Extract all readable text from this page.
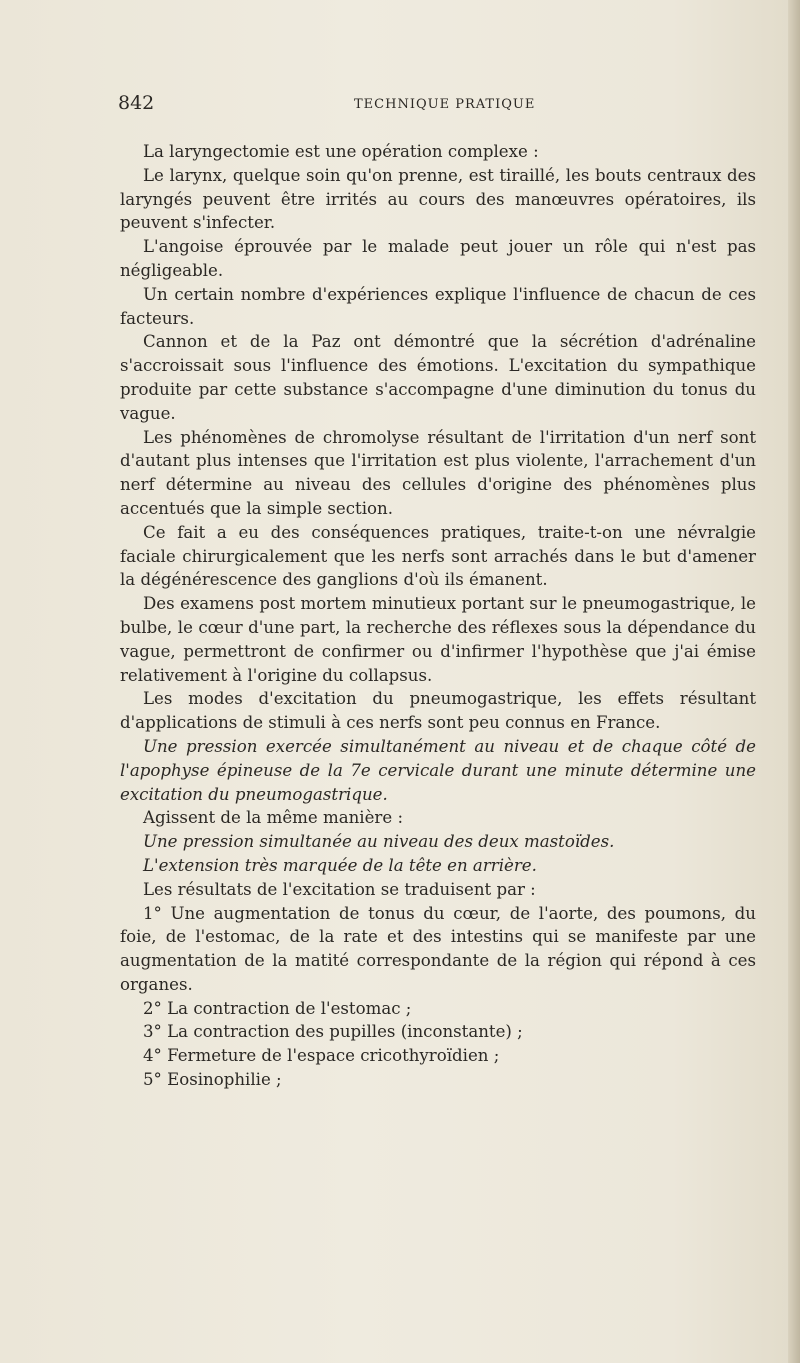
842	TECHNIQUE PRATIQUE

La laryngectomie est une opération complexe :

Le larynx, quelque soin qu'on prenne, est tiraillé, les bouts centraux des laryngés peuvent être irrités au cours des manœuvres opératoires, ils peuvent s'infecter.

L'angoise éprouvée par le malade peut jouer un rôle qui n'est pas négligeable.

Un certain nombre d'expériences explique l'influence de chacun de ces facteurs.

Cannon et de la Paz ont démontré que la sécrétion d'adrénaline s'accroissait sous l'influence des émotions. L'excitation du sympathique produite par cette substance s'accompagne d'une diminution du tonus du vague.

Les phénomènes de chromolyse résultant de l'irritation d'un nerf sont d'autant plus intenses que l'irritation est plus violente, l'arrachement d'un nerf détermine au niveau des cellules d'origine des phénomènes plus accentués que la simple section.

Ce fait a eu des conséquences pratiques, traite-t-on une névralgie faciale chirurgicalement que les nerfs sont arrachés dans le but d'amener la dégénérescence des ganglions d'où ils émanent.

Des examens post mortem minutieux portant sur le pneumogastrique, le bulbe, le cœur d'une part, la recherche des réflexes sous la dépendance du vague, permettront de confirmer ou d'infirmer l'hypothèse que j'ai émise relativement à l'origine du collapsus.

Les modes d'excitation du pneumogastrique, les effets résultant d'applications de stimuli à ces nerfs sont peu connus en France.

Une pression exercée simultanément au niveau et de chaque côté de l'apophyse épineuse de la 7e cervicale durant une minute détermine une excitation du pneumogastrique.

Agissent de la même manière :

Une pression simultanée au niveau des deux mastoïdes.

L'extension très marquée de la tête en arrière.

Les résultats de l'excitation se traduisent par :

1° Une augmentation de tonus du cœur, de l'aorte, des poumons, du foie, de l'estomac, de la rate et des intestins qui se manifeste par une augmentation de la matité correspondante de la région qui répond à ces organes.

2° La contraction de l'estomac ;

3° La contraction des pupilles (inconstante) ;

4° Fermeture de l'espace cricothyroïdien ;

5° Eosinophilie ;
